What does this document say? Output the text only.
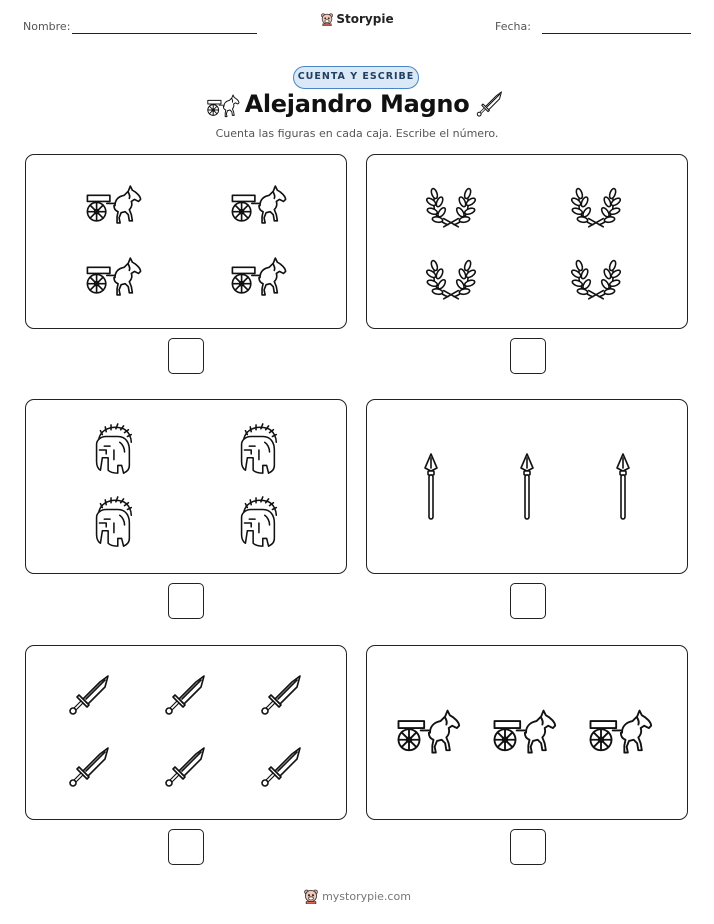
Nombre:
Storypie
Fecha:
CUENTA Y ESCRIBE
Alejandro Magno
Cuenta las figuras en cada caja. Escribe el número.
mystorypie.com
